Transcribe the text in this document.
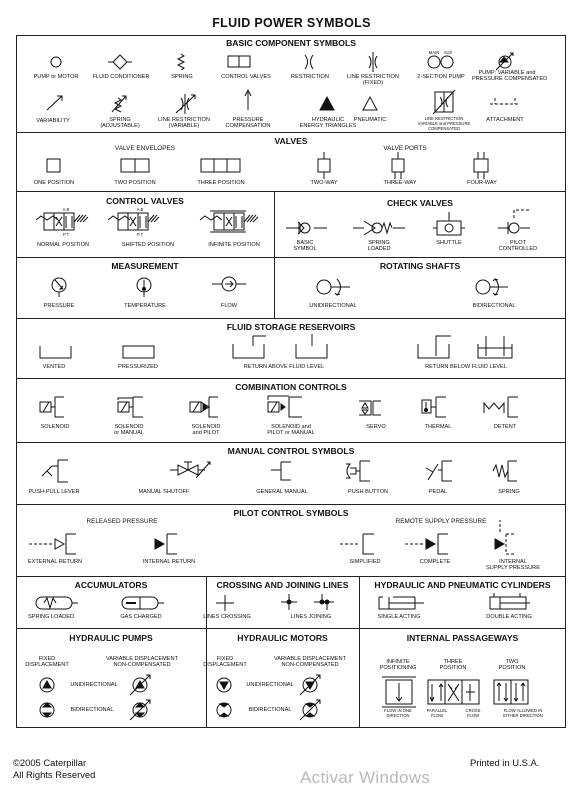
FLUID POWER SYMBOLS
BASIC COMPONENT SYMBOLS
PUMP or MOTOR	FLUID CONDITIONER	SPRING	CONTROL VALVES	RESTRICTION	LINE RESTRICTION
(FIXED)
2-SECTION PUMP
PUMP: VARIABLE and
PRESSURE COMPENSATED
MAIN	AUX
VARIABILITY	SPRING
(ADJUSTABLE)
LINE RESTRICTION
(VARIABLE)
PRESSURE
COMPENSATION
HYDRAULIC
ENERGY TRIANGLES
PNEUMATIC	LINE RESTRICTION
VARIABLE and PRESSURE
COMPENSATED
ATTACHMENT
VALVES
VALVE ENVELOPES	VALVE PORTS
ONE POSITION	TWO POSITION	THREE POSITION	TWO-WAY	THREE-WAY	FOUR-WAY
CONTROL VALVES
A B
P T
A B
P T
NORMAL POSITION	SHIFTED POSITION	INFINITE POSITION
CHECK VALVES
BASIC
SYMBOL
SPRING
LOADED
SHUTTLE	PILOT
CONTROLLED
MEASUREMENT
PRESSURE	TEMPERATURE	FLOW
ROTATING SHAFTS
UNIDIRECTIONAL	BIDIRECTIONAL
FLUID STORAGE RESERVOIRS
VENTED	PRESSURIZED	RETURN ABOVE FLUID LEVEL	RETURN BELOW FLUID LEVEL
COMBINATION CONTROLS
SOLENOID	SOLENOID
or MANUAL
SOLENOID
and PILOT
SOLENOID and
PILOT or MANUAL
SERVO	THERMAL	DETENT
MANUAL CONTROL SYMBOLS
PUSH-PULL LEVER	MANUAL SHUTOFF	GENERAL MANUAL	PUSH BUTTON	PEDAL	SPRING
PILOT CONTROL SYMBOLS
RELEASED PRESSURE	REMOTE SUPPLY PRESSURE
EXTERNAL RETURN	INTERNAL RETURN	SIMPLIFIED	COMPLETE	INTERNAL
SUPPLY PRESSURE
ACCUMULATORS
SPRING LOADED	GAS CHARGED
CROSSING AND JOINING LINES
LINES CROSSING	LINES JOINING
HYDRAULIC AND PNEUMATIC CYLINDERS
SINGLE ACTING	DOUBLE ACTING
HYDRAULIC PUMPS
FIXED
DISPLACEMENT
VARIABLE DISPLACEMENT
NON-COMPENSATED
UNIDIRECTIONAL
BIDIRECTIONAL
HYDRAULIC MOTORS
FIXED
DISPLACEMENT
VARIABLE DISPLACEMENT
NON-COMPENSATED
UNIDIRECTIONAL
BIDIRECTIONAL
INTERNAL PASSAGEWAYS
INFINITE
POSITIONING
THREE
POSITION
TWO
POSITION
FLOW IN ONE
DIRECTION
PARALLEL
FLOW
CROSS
FLOW
FLOW ALLOWED IN
EITHER DIRECTION
©2005 Caterpillar
All Rights Reserved
Printed in U.S.A.
Activar Windows
